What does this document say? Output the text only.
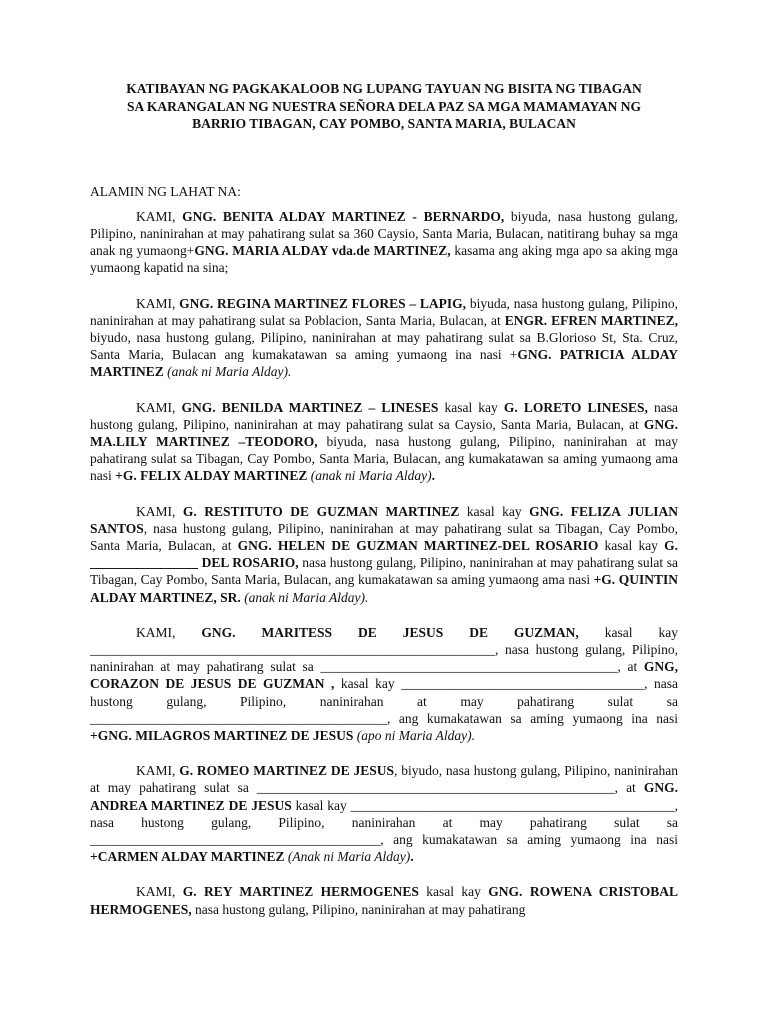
KATIBAYAN NG PAGKAKALOOB NG LUPANG TAYUAN NG BISITA NG TIBAGAN
SA KARANGALAN NG NUESTRA SEÑORA DELA PAZ SA MGA MAMAMAYAN NG
BARRIO TIBAGAN, CAY POMBO, SANTA MARIA, BULACAN
ALAMIN NG LAHAT NA:

KAMI, GNG. BENITA ALDAY MARTINEZ - BERNARDO, biyuda, nasa hustong gulang, Pilipino, naninirahan at may pahatirang sulat sa 360 Caysio, Santa Maria, Bulacan, natitirang buhay sa mga anak ng yumaong+GNG. MARIA ALDAY vda.de MARTINEZ, kasama ang aking mga apo sa aking mga yumaong kapatid na sina;

KAMI, GNG. REGINA MARTINEZ FLORES – LAPIG, biyuda, nasa hustong gulang, Pilipino, naninirahan at may pahatirang sulat sa Poblacion, Santa Maria, Bulacan, at ENGR. EFREN MARTINEZ, biyudo, nasa hustong gulang, Pilipino, naninirahan at may pahatirang sulat sa B.Glorioso St, Sta. Cruz, Santa Maria, Bulacan ang kumakatawan sa aming yumaong ina nasi +GNG. PATRICIA ALDAY MARTINEZ (anak ni Maria Alday).

KAMI, GNG. BENILDA MARTINEZ – LINESES kasal kay G. LORETO LINESES, nasa hustong gulang, Pilipino, naninirahan at may pahatirang sulat sa Caysio, Santa Maria, Bulacan, at GNG. MA.LILY MARTINEZ –TEODORO, biyuda, nasa hustong gulang, Pilipino, naninirahan at may pahatirang sulat sa Tibagan, Cay Pombo, Santa Maria, Bulacan, ang kumakatawan sa aming yumaong ama nasi +G. FELIX ALDAY MARTINEZ (anak ni Maria Alday).

KAMI, G. RESTITUTO DE GUZMAN MARTINEZ kasal kay GNG. FELIZA JULIAN SANTOS, nasa hustong gulang, Pilipino, naninirahan at may pahatirang sulat sa Tibagan, Cay Pombo, Santa Maria, Bulacan, at GNG. HELEN DE GUZMAN MARTINEZ-DEL ROSARIO kasal kay G. ________________ DEL ROSARIO, nasa hustong gulang, Pilipino, naninirahan at may pahatirang sulat sa Tibagan, Cay Pombo, Santa Maria, Bulacan, ang kumakatawan sa aming yumaong ama nasi +G. QUINTIN ALDAY MARTINEZ, SR. (anak ni Maria Alday).

KAMI, GNG. MARITESS DE JESUS DE GUZMAN, kasal kay ____________________________________________________________, nasa hustong gulang, Pilipino, naninirahan at may pahatirang sulat sa ____________________________________________, at GNG, CORAZON DE JESUS DE GUZMAN , kasal kay ____________________________________, nasa hustong gulang, Pilipino, naninirahan at may pahatirang sulat sa ____________________________________________, ang kumakatawan sa aming yumaong ina nasi +GNG. MILAGROS MARTINEZ DE JESUS (apo ni Maria Alday).

KAMI, G. ROMEO MARTINEZ DE JESUS, biyudo, nasa hustong gulang, Pilipino, naninirahan at may pahatirang sulat sa _____________________________________________________, at GNG. ANDREA MARTINEZ DE JESUS kasal kay ________________________________________________, nasa hustong gulang, Pilipino, naninirahan at may pahatirang sulat sa ___________________________________________, ang kumakatawan sa aming yumaong ina nasi +CARMEN ALDAY MARTINEZ (Anak ni Maria Alday).

KAMI, G. REY MARTINEZ HERMOGENES kasal kay GNG. ROWENA CRISTOBAL HERMOGENES, nasa hustong gulang, Pilipino, naninirahan at may pahatirang
